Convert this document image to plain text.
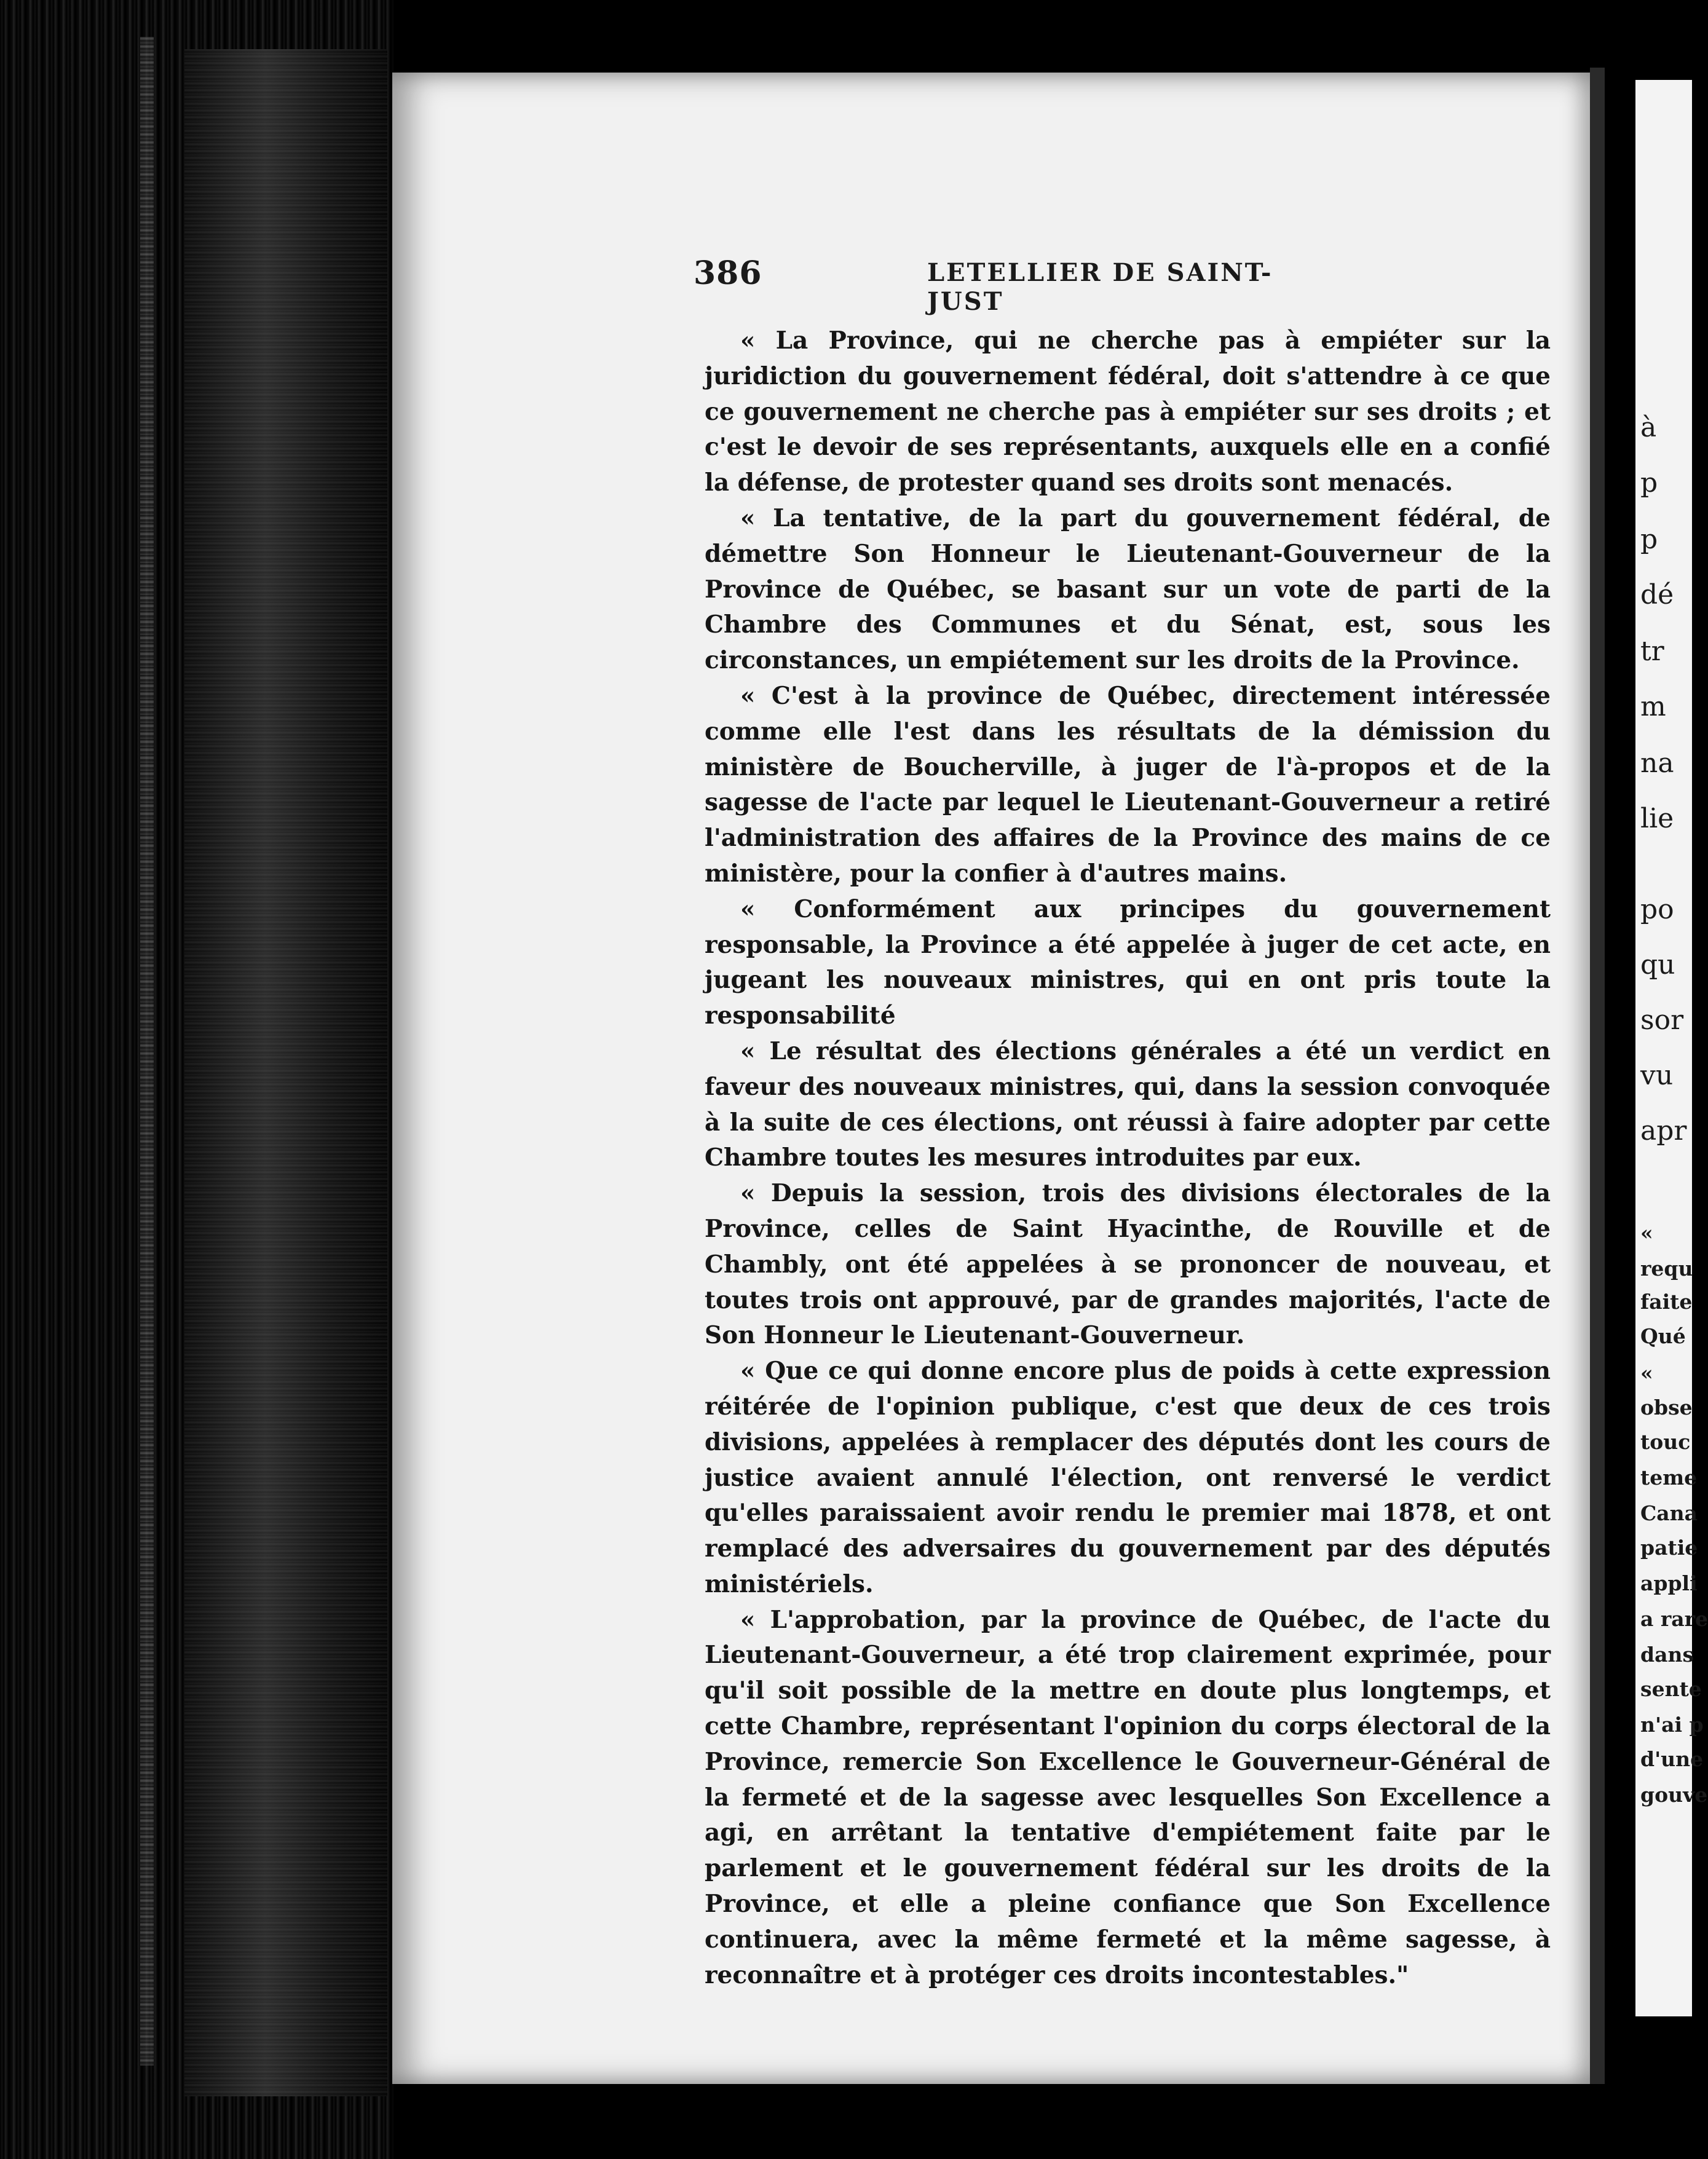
386	LETELLIER DE SAINT-JUST

« La Province, qui ne cherche pas à empiéter sur la juridiction du gouvernement fédéral, doit s'attendre à ce que ce gouvernement ne cherche pas à empiéter sur ses droits ; et c'est le devoir de ses représentants, auxquels elle en a confié la défense, de protester quand ses droits sont menacés.

« La tentative, de la part du gouvernement fédéral, de démettre Son Honneur le Lieutenant-Gouverneur de la Province de Québec, se basant sur un vote de parti de la Chambre des Communes et du Sénat, est, sous les circonstances, un empiétement sur les droits de la Province.

« C'est à la province de Québec, directement intéressée comme elle l'est dans les résultats de la démission du ministère de Boucherville, à juger de l'à-propos et de la sagesse de l'acte par lequel le Lieutenant-Gouverneur a retiré l'administration des affaires de la Province des mains de ce ministère, pour la confier à d'autres mains.

« Conformément aux principes du gouvernement responsable, la Province a été appelée à juger de cet acte, en jugeant les nouveaux ministres, qui en ont pris toute la responsabilité

« Le résultat des élections générales a été un verdict en faveur des nouveaux ministres, qui, dans la session convoquée à la suite de ces élections, ont réussi à faire adopter par cette Chambre toutes les mesures introduites par eux.

« Depuis la session, trois des divisions électorales de la Province, celles de Saint Hyacinthe, de Rouville et de Chambly, ont été appelées à se prononcer de nouveau, et toutes trois ont approuvé, par de grandes majorités, l'acte de Son Honneur le Lieutenant-Gouverneur.

« Que ce qui donne encore plus de poids à cette expression réitérée de l'opinion publique, c'est que deux de ces trois divisions, appelées à remplacer des députés dont les cours de justice avaient annulé l'élection, ont renversé le verdict qu'elles paraissaient avoir rendu le premier mai 1878, et ont remplacé des adversaires du gouvernement par des députés ministériels.

« L'approbation, par la province de Québec, de l'acte du Lieutenant-Gouverneur, a été trop clairement exprimée, pour qu'il soit possible de la mettre en doute plus longtemps, et cette Chambre, représentant l'opinion du corps électoral de la Province, remercie Son Excellence le Gouverneur-Général de la fermeté et de la sagesse avec lesquelles Son Excellence a agi, en arrêtant la tentative d'empiétement faite par le parlement et le gouvernement fédéral sur les droits de la Province, et elle a pleine confiance que Son Excellence continuera, avec la même fermeté et la même sagesse, à reconnaître et à protéger ces droits incontestables."

à
p
p
dé
tr
m
na
lie
po
qu
sor
vu
apr
«
requ
faite
Qué
«
obse
touc
teme
Cana
patie
appli
a rare
dans
sente
n'ai p
d'une
gouve
